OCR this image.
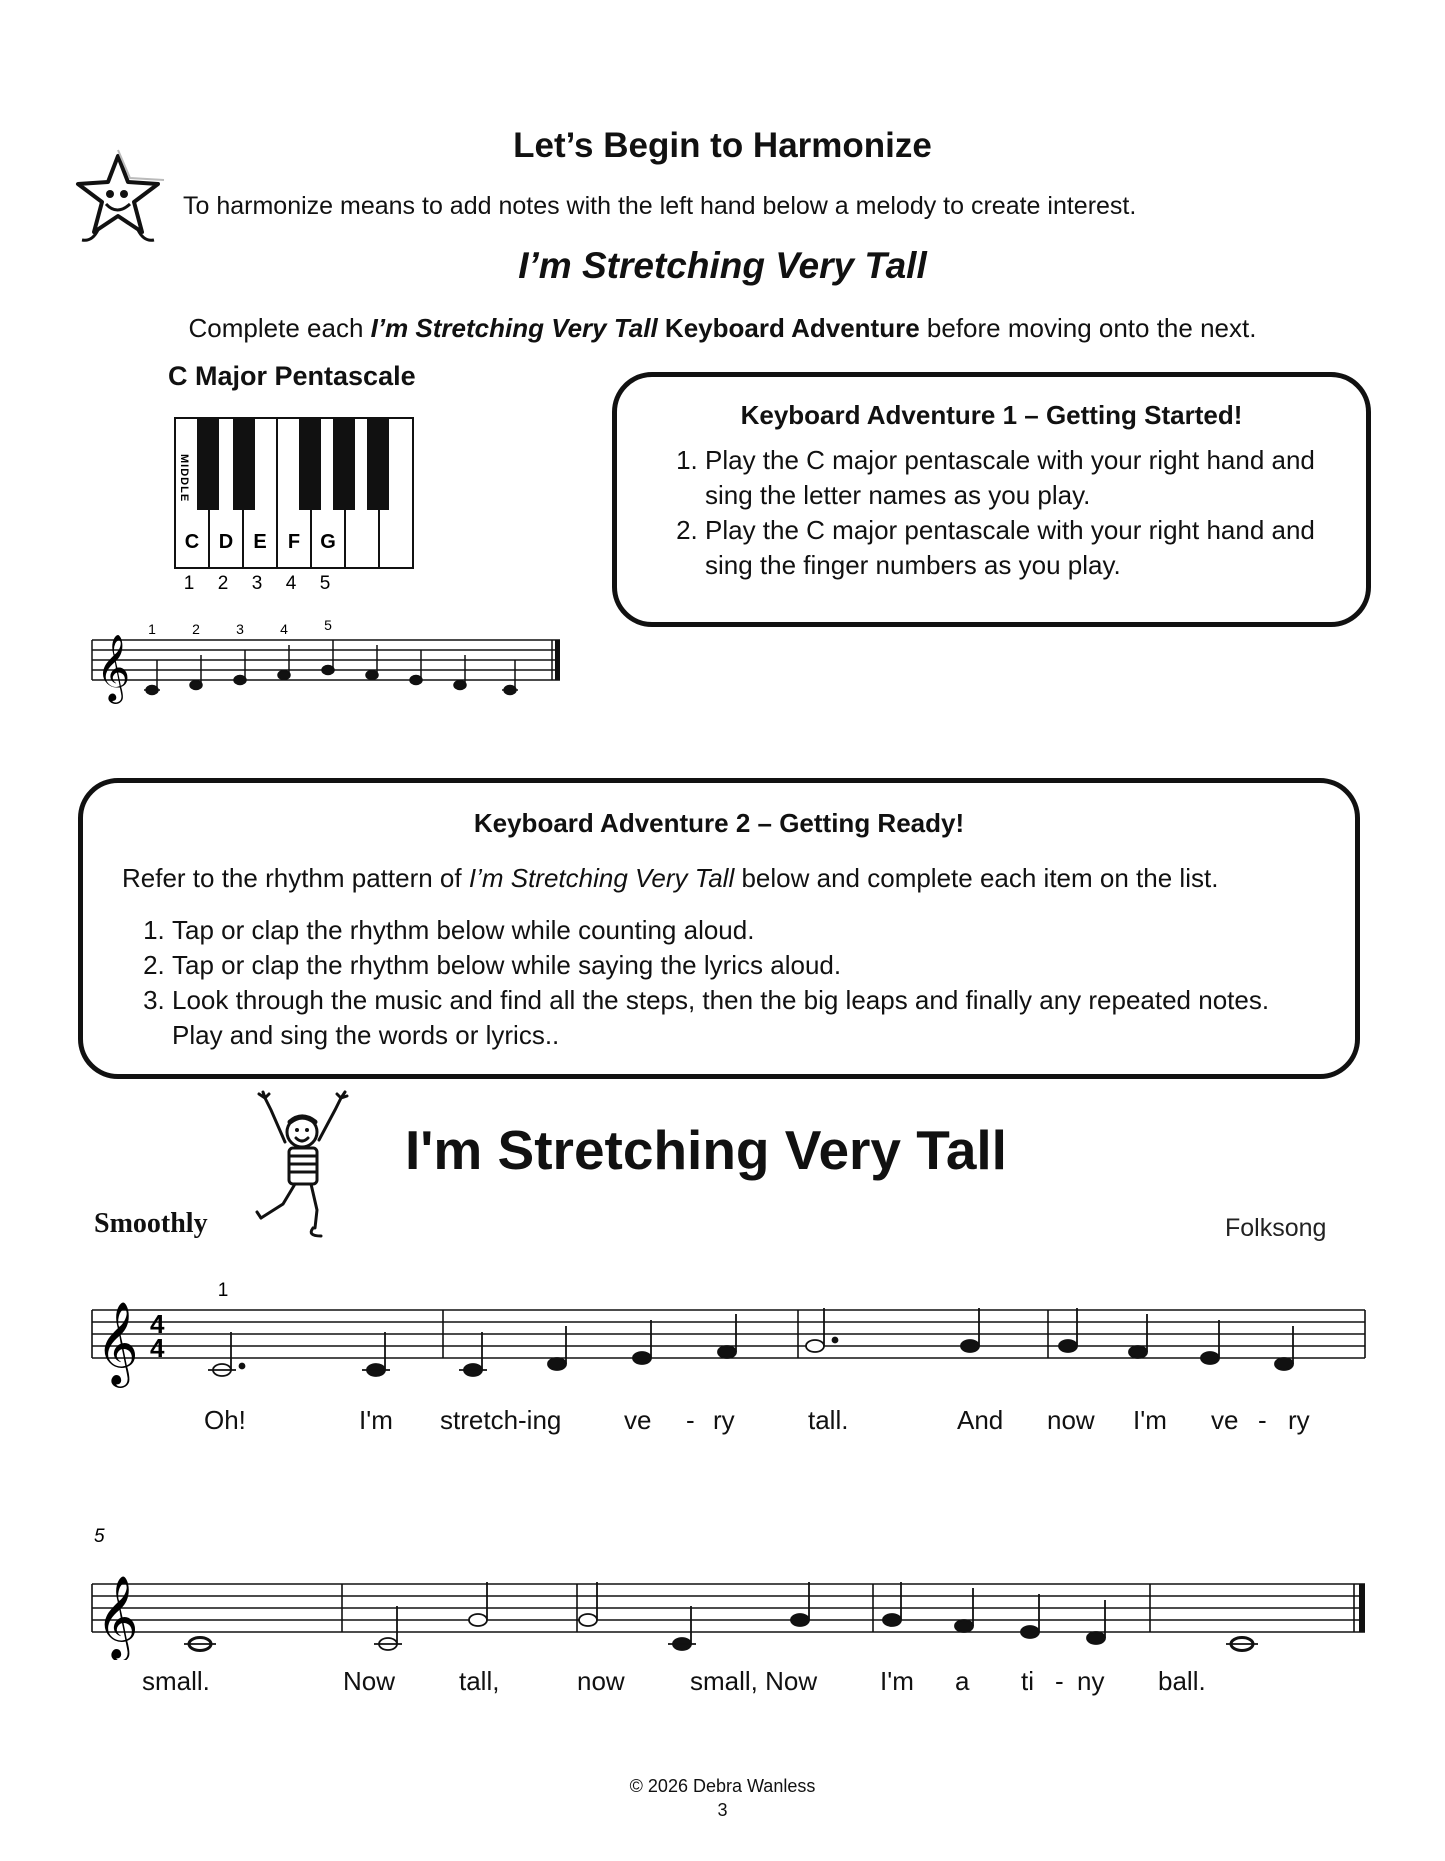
Let’s Begin to Harmonize
To harmonize means to add notes with the left hand below a melody to create interest.
I’m Stretching Very Tall
Complete each I’m Stretching Very Tall Keyboard Adventure before moving onto the next.
C Major Pentascale
MIDDLE
C D E F G
1 2 3 4 5
𝄞
1	2	3	4	5
Keyboard Adventure 1 – Getting Started!
1. Play the C major pentascale with your right hand and sing the letter names as you play.
2. Play the C major pentascale with your right hand and sing the finger numbers as you play.
Keyboard Adventure 2 – Getting Ready!
Refer to the rhythm pattern of I’m Stretching Very Tall below and complete each item on the list.
1. Tap or clap the rhythm below while counting aloud.
2. Tap or clap the rhythm below while saying the lyrics aloud.
3. Look through the music and find all the steps, then the big leaps and finally any repeated notes. Play and sing the words or lyrics..
I'm Stretching Very Tall
Smoothly	Folksong
𝄞 4
4
1
Oh!	I'm stretch-ing ve - ry	tall.	And now I'm ve - ry
5
𝄞
small.	Now tall,	now	small, Now I'm a ti - ny ball.
© 2026 Debra Wanless
3
